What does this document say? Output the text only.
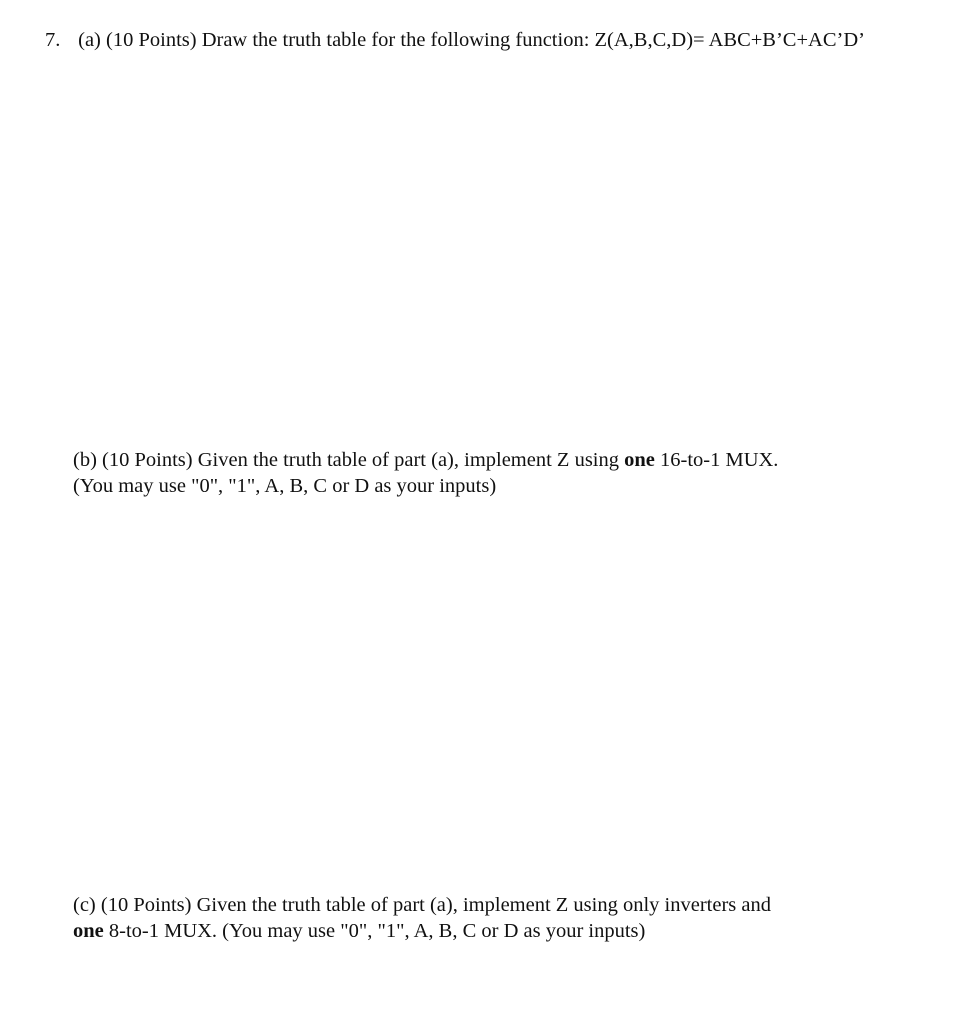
7. (a) (10 Points) Draw the truth table for the following function: Z(A,B,C,D)= ABC+B’C+AC’D’
(b) (10 Points) Given the truth table of part (a), implement Z using one 16-to-1 MUX.
(You may use "0", "1", A, B, C or D as your inputs)
(c) (10 Points) Given the truth table of part (a), implement Z using only inverters and
one 8-to-1 MUX. (You may use "0", "1", A, B, C or D as your inputs)
